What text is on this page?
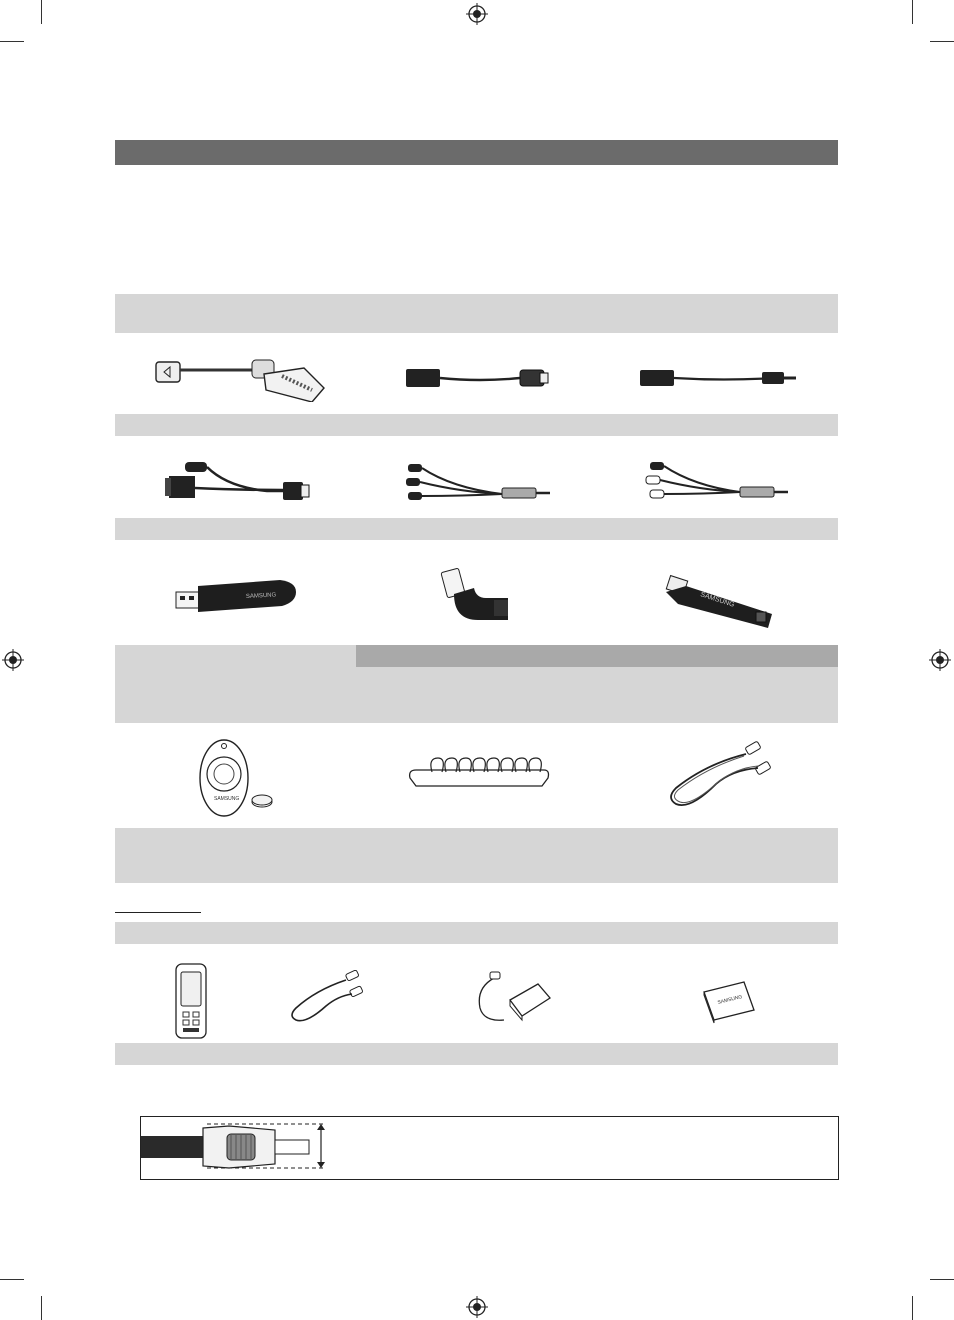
SAMSUNG	SAMSUNG
SAMSUNG
SAMSUNG
